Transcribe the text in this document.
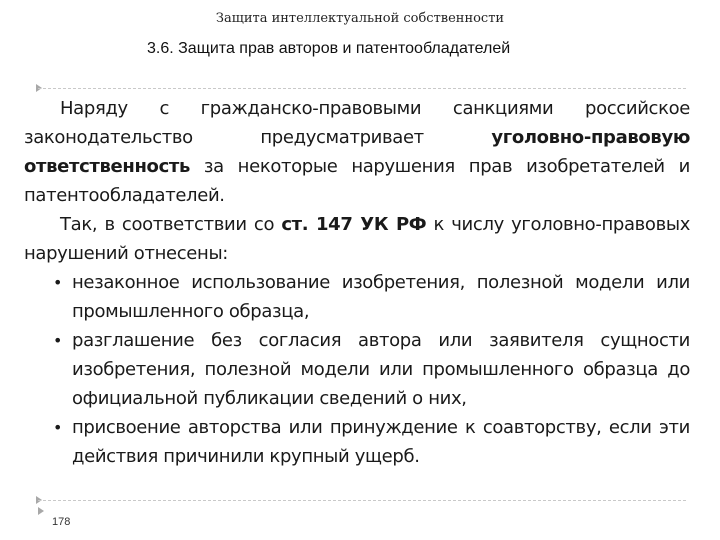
Защита интеллектуальной собственности
3.6. Защита прав авторов и патентообладателей

Наряду с гражданско-правовыми санкциями российское законодательство предусматривает уголовно-правовую ответственность за некоторые нарушения прав изобретателей и патентообладателей.

Так, в соответствии со ст. 147 УК РФ к числу уголовно-правовых нарушений отнесены:

• незаконное использование изобретения, полезной модели или промышленного образца,
• разглашение без согласия автора или заявителя сущности изобретения, полезной модели или промышленного образца до официальной публикации сведений о них,
• присвоение авторства или принуждение к соавторству, если эти действия причинили крупный ущерб.
178
